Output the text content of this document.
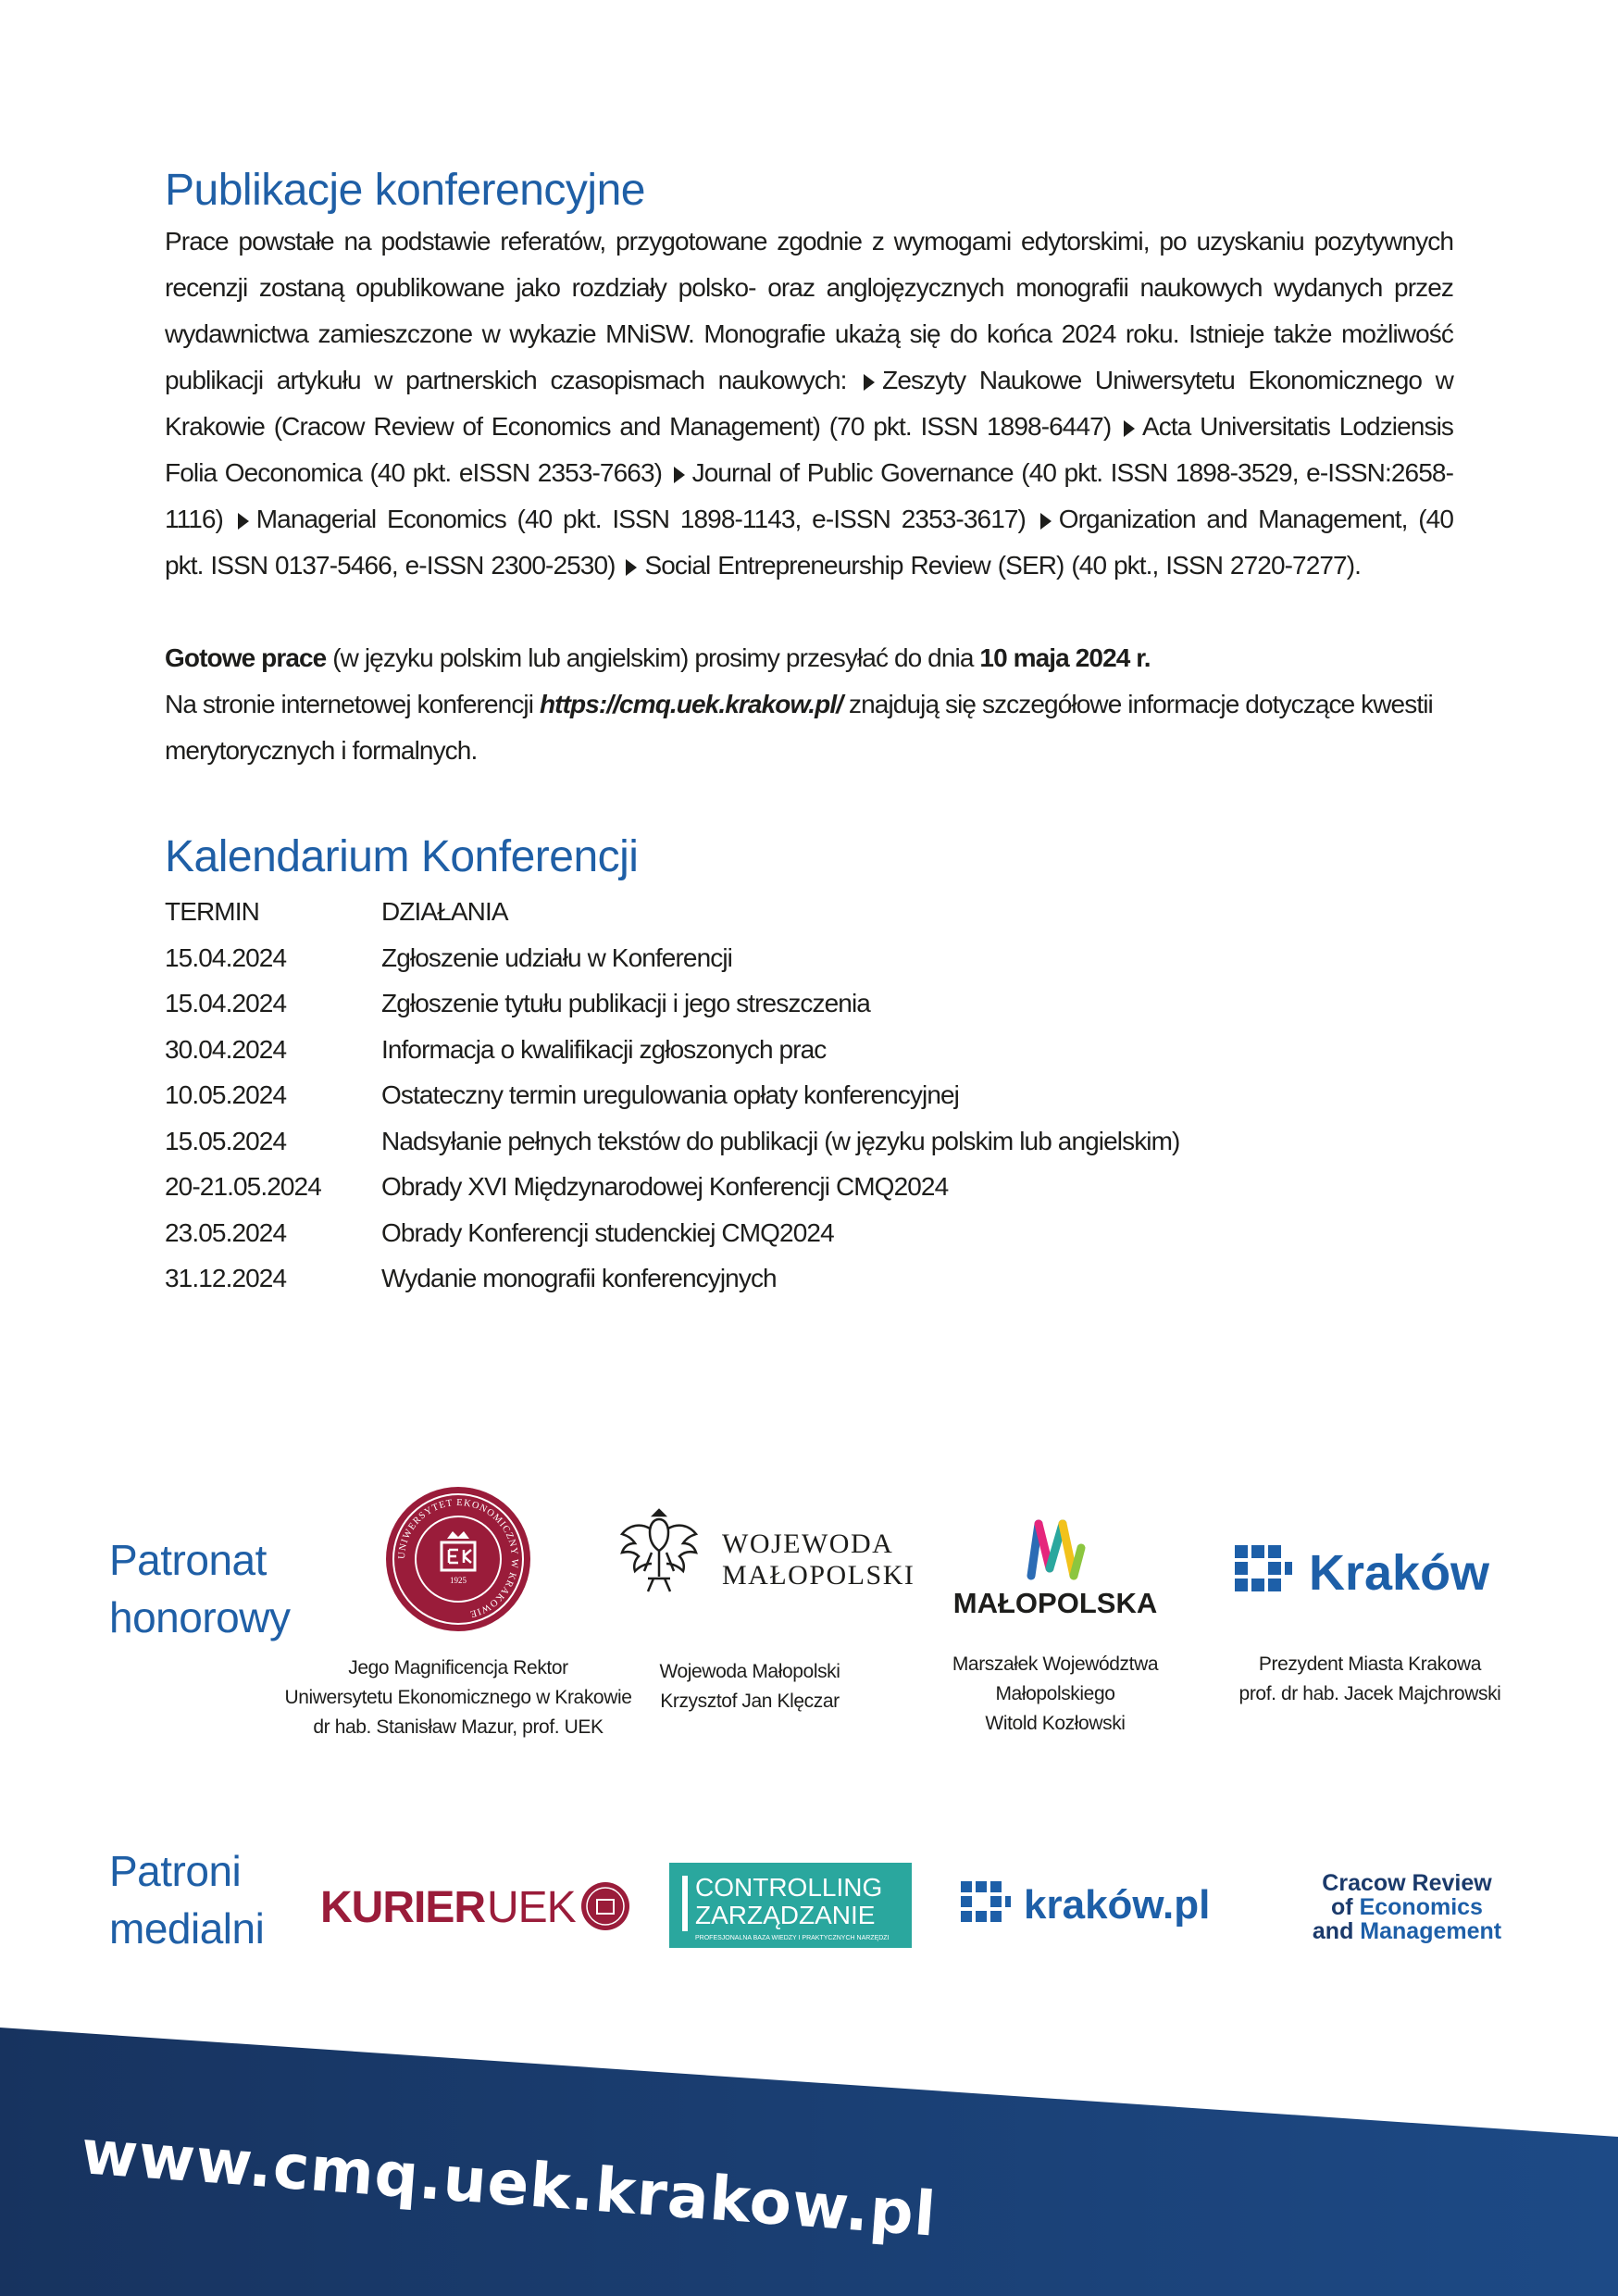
Publikacje konferencyjne

Prace powstałe na podstawie referatów, przygotowane zgodnie z wymogami edytorskimi, po uzyskaniu pozytywnych recenzji zostaną opublikowane jako rozdziały polsko- oraz anglojęzycznych monografii naukowych wydanych przez wydawnictwa zamieszczone w wykazie MNiSW. Monografie ukażą się do końca 2024 roku. Istnieje także możliwość publikacji artykułu w partnerskich czasopismach naukowych: Zeszyty Naukowe Uniwersytetu Ekonomicznego w Krakowie (Cracow Review of Economics and Management) (70 pkt. ISSN 1898-6447) Acta Universitatis Lodziensis Folia Oeconomica (40 pkt. eISSN 2353-7663) Journal of Public Governance (40 pkt. ISSN 1898-3529, e-ISSN:2658-1116) Managerial Economics (40 pkt. ISSN 1898-1143, e-ISSN 2353-3617) Organization and Management, (40 pkt. ISSN 0137-5466, e-ISSN 2300-2530) Social Entrepreneurship Review (SER) (40 pkt., ISSN 2720-7277).

Gotowe prace (w języku polskim lub angielskim) prosimy przesyłać do dnia 10 maja 2024 r.
Na stronie internetowej konferencji https://cmq.uek.krakow.pl/ znajdują się szczegółowe informacje dotyczące kwestii merytorycznych i formalnych.

Kalendarium Konferencji
TERMIN	DZIAŁANIA
15.04.2024	Zgłoszenie udziału w Konferencji
15.04.2024	Zgłoszenie tytułu publikacji i jego streszczenia
30.04.2024	Informacja o kwalifikacji zgłoszonych prac
10.05.2024	Ostateczny termin uregulowania opłaty konferencyjnej
15.05.2024	Nadsyłanie pełnych tekstów do publikacji (w języku polskim lub angielskim)
20-21.05.2024	Obrady XVI Międzynarodowej Konferencji CMQ2024
23.05.2024	Obrady Konferencji studenckiej CMQ2024
31.12.2024	Wydanie monografii konferencyjnych
Patronat
honorowy
UNIWERSYTET EKONOMICZNY W KRAKOWIE
1925
Jego Magnificencja Rektor
Uniwersytetu Ekonomicznego w Krakowie
dr hab. Stanisław Mazur, prof. UEK
WOJEWODA
MAŁOPOLSKI
Wojewoda Małopolski
Krzysztof Jan Klęczar
MAŁOPOLSKA
Marszałek Województwa
Małopolskiego
Witold Kozłowski
Kraków
Prezydent Miasta Krakowa
prof. dr hab. Jacek Majchrowski
Patroni
medialni KURIER UEK	CONTROLLING
ZARZĄDZANIE
PROFESJONALNA BAZA WIEDZY I PRAKTYCZNYCH NARZĘDZI
kraków.pl	Cracow Review
of Economics
and Management
www.cmq.uek.krakow.pl
